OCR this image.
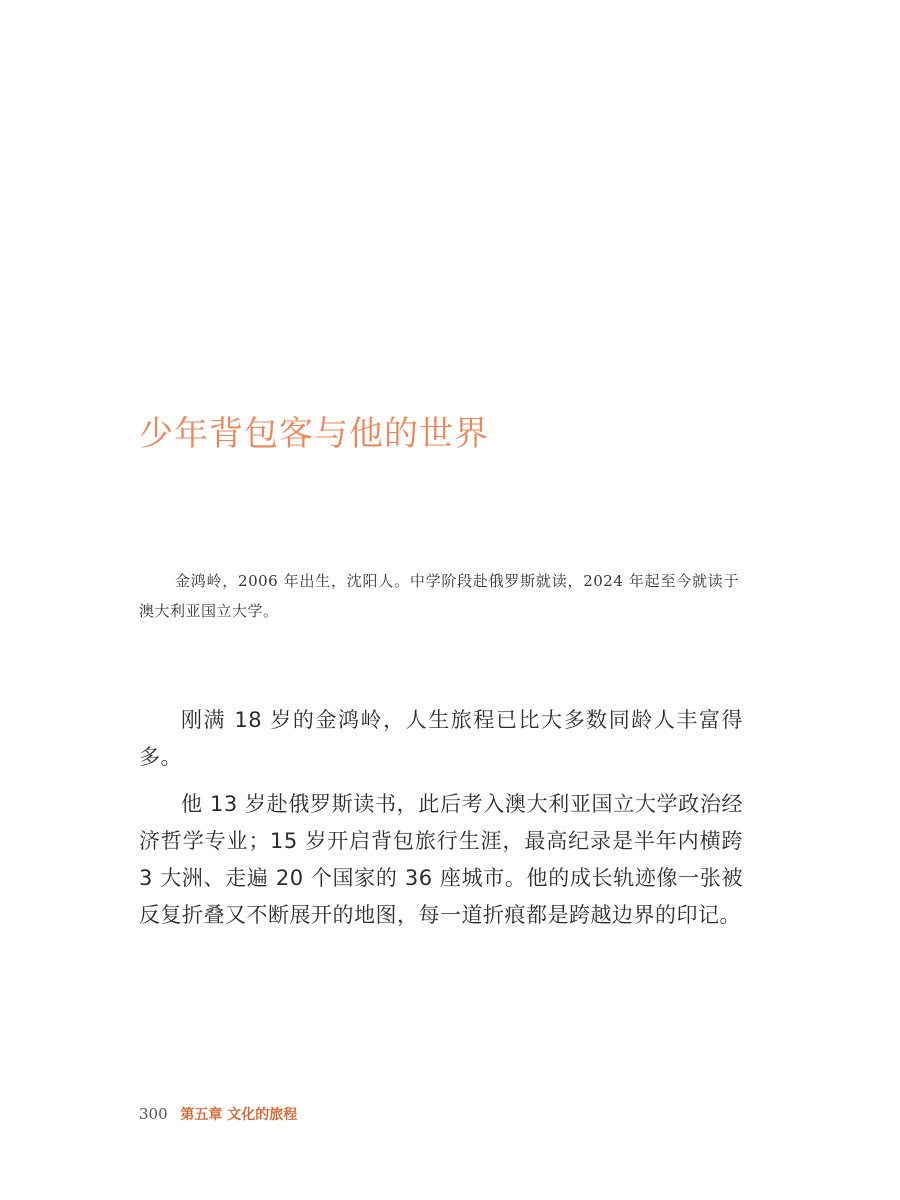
少年背包客与他的世界

金鸿岭，2006 年出生，沈阳人。中学阶段赴俄罗斯就读，2024 年起至今就读于澳大利亚国立大学。

刚满 18 岁的金鸿岭，人生旅程已比大多数同龄人丰富得多。

他 13 岁赴俄罗斯读书，此后考入澳大利亚国立大学政治经济哲学专业；15 岁开启背包旅行生涯，最高纪录是半年内横跨 3 大洲、走遍 20 个国家的 36 座城市。他的成长轨迹像一张被反复折叠又不断展开的地图，每一道折痕都是跨越边界的印记。

300 第五章 文化的旅程
